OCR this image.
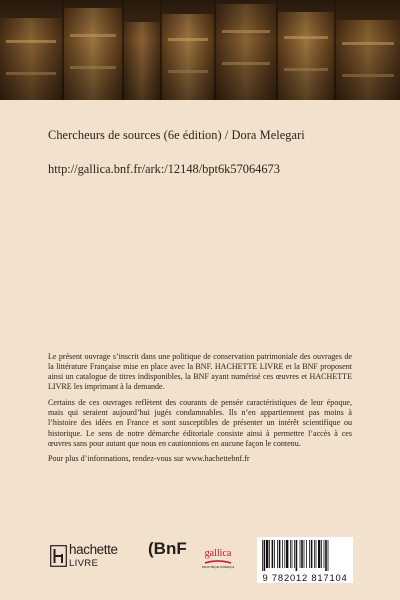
Chercheurs de sources (6e édition) / Dora Melegari
http://gallica.bnf.fr/ark:/12148/bpt6k57064673

Le présent ouvrage s’inscrit dans une politique de conservation patrimoniale des ouvrages de la littérature Française mise en place avec la BNF. HACHETTE LIVRE et la BNF proposent ainsi un catalogue de titres indisponibles, la BNF ayant numérisé ces œuvres et HACHETTE LIVRE les imprimant à la demande.

Certains de ces ouvrages reflètent des courants de pensée caractéristiques de leur époque, mais qui seraient aujourd’hui jugés condamnables. Ils n’en appartiennent pas moins à l’histoire des idées en France et sont susceptibles de présenter un intérêt scientifique ou historique. Le sens de notre démarche éditoriale consiste ainsi à permettre l’accès à ces œuvres sans pour autant que nous en cautionnions en aucune façon le contenu.

Pour plus d’informations, rendez-vous sur www.hachettebnf.fr

hachette
LIVRE
(BnF gallica
BIBLIOTHÈQUE NUMÉRIQUE
9 782012 817104
